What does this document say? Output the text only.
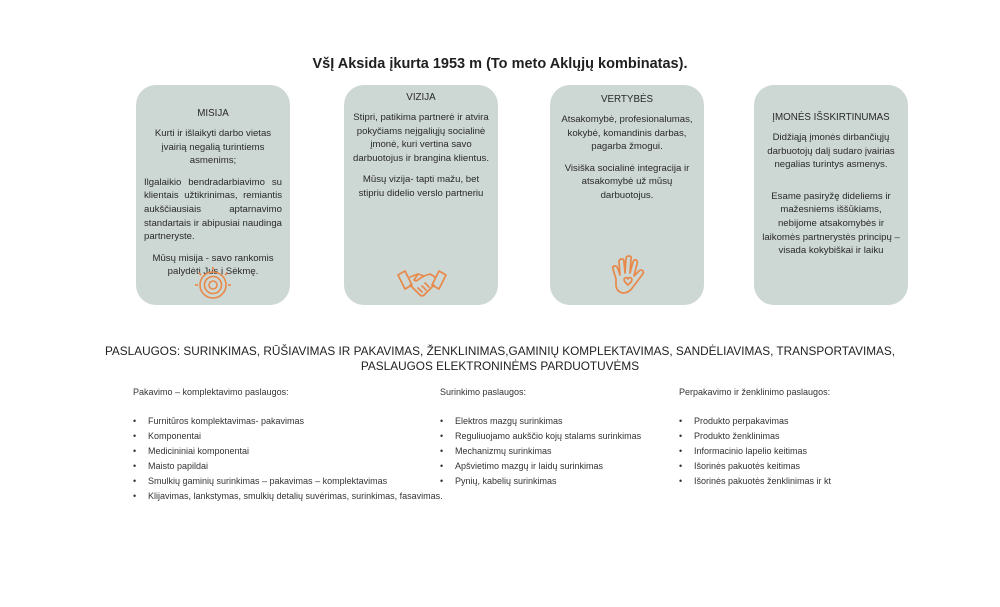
VšĮ Aksida įkurta 1953 m (To meto Aklųjų kombinatas).
MISIJA

Kurti ir išlaikyti darbo vietas įvairią negalią turintiems asmenims;

Ilgalaikio bendradarbiavimo su klientais užtikrinimas, remiantis aukščiausiais aptarnavimo standartais ir abipusiai naudinga partneryste.

Mūsų misija - savo rankomis palydėti Jus į Sėkmę.

VIZIJA

Stipri, patikima partnerė ir atvira pokyčiams neįgaliųjų socialinė įmonė, kuri vertina savo darbuotojus ir brangina klientus.

Mūsų vizija- tapti mažu, bet stipriu didelio verslo partneriu

VERTYBĖS

Atsakomybė, profesionalumas, kokybė, komandinis darbas, pagarba žmogui.

Visiška socialinė integracija ir atsakomybė už mūsų darbuotojus.

ĮMONĖS IŠSKIRTINUMAS

Didžiąją įmonės dirbančiųjų darbuotojų dalį sudaro įvairias negalias turintys asmenys.

Esame pasiryžę dideliems ir mažesniems iššūkiams, nebijome atsakomybės ir laikomės partnerystės principų – visada kokybiškai ir laiku

PASLAUGOS: SURINKIMAS, RŪŠIAVIMAS IR PAKAVIMAS, ŽENKLINIMAS,GAMINIŲ KOMPLEKTAVIMAS, SANDĖLIAVIMAS, TRANSPORTAVIMAS,
PASLAUGOS ELEKTRONINĖMS PARDUOTUVĖMS
Pakavimo – komplektavimo paslaugos:
• Furnitūros komplektavimas- pakavimas
• Komponentai
• Medicininiai komponentai
• Maisto papildai
• Smulkių gaminių surinkimas – pakavimas – komplektavimas
• Klijavimas, lankstymas, smulkių detalių suvėrimas, surinkimas, fasavimas.
Surinkimo paslaugos:
• Elektros mazgų surinkimas
• Reguliuojamo aukščio kojų stalams surinkimas
• Mechanizmų surinkimas
• Apšvietimo mazgų ir laidų surinkimas
• Pynių, kabelių surinkimas
Perpakavimo ir ženklinimo paslaugos:
• Produkto perpakavimas
• Produkto ženklinimas
• Informacinio lapelio keitimas
• Išorinės pakuotės keitimas
• Išorinės pakuotės ženklinimas ir kt
